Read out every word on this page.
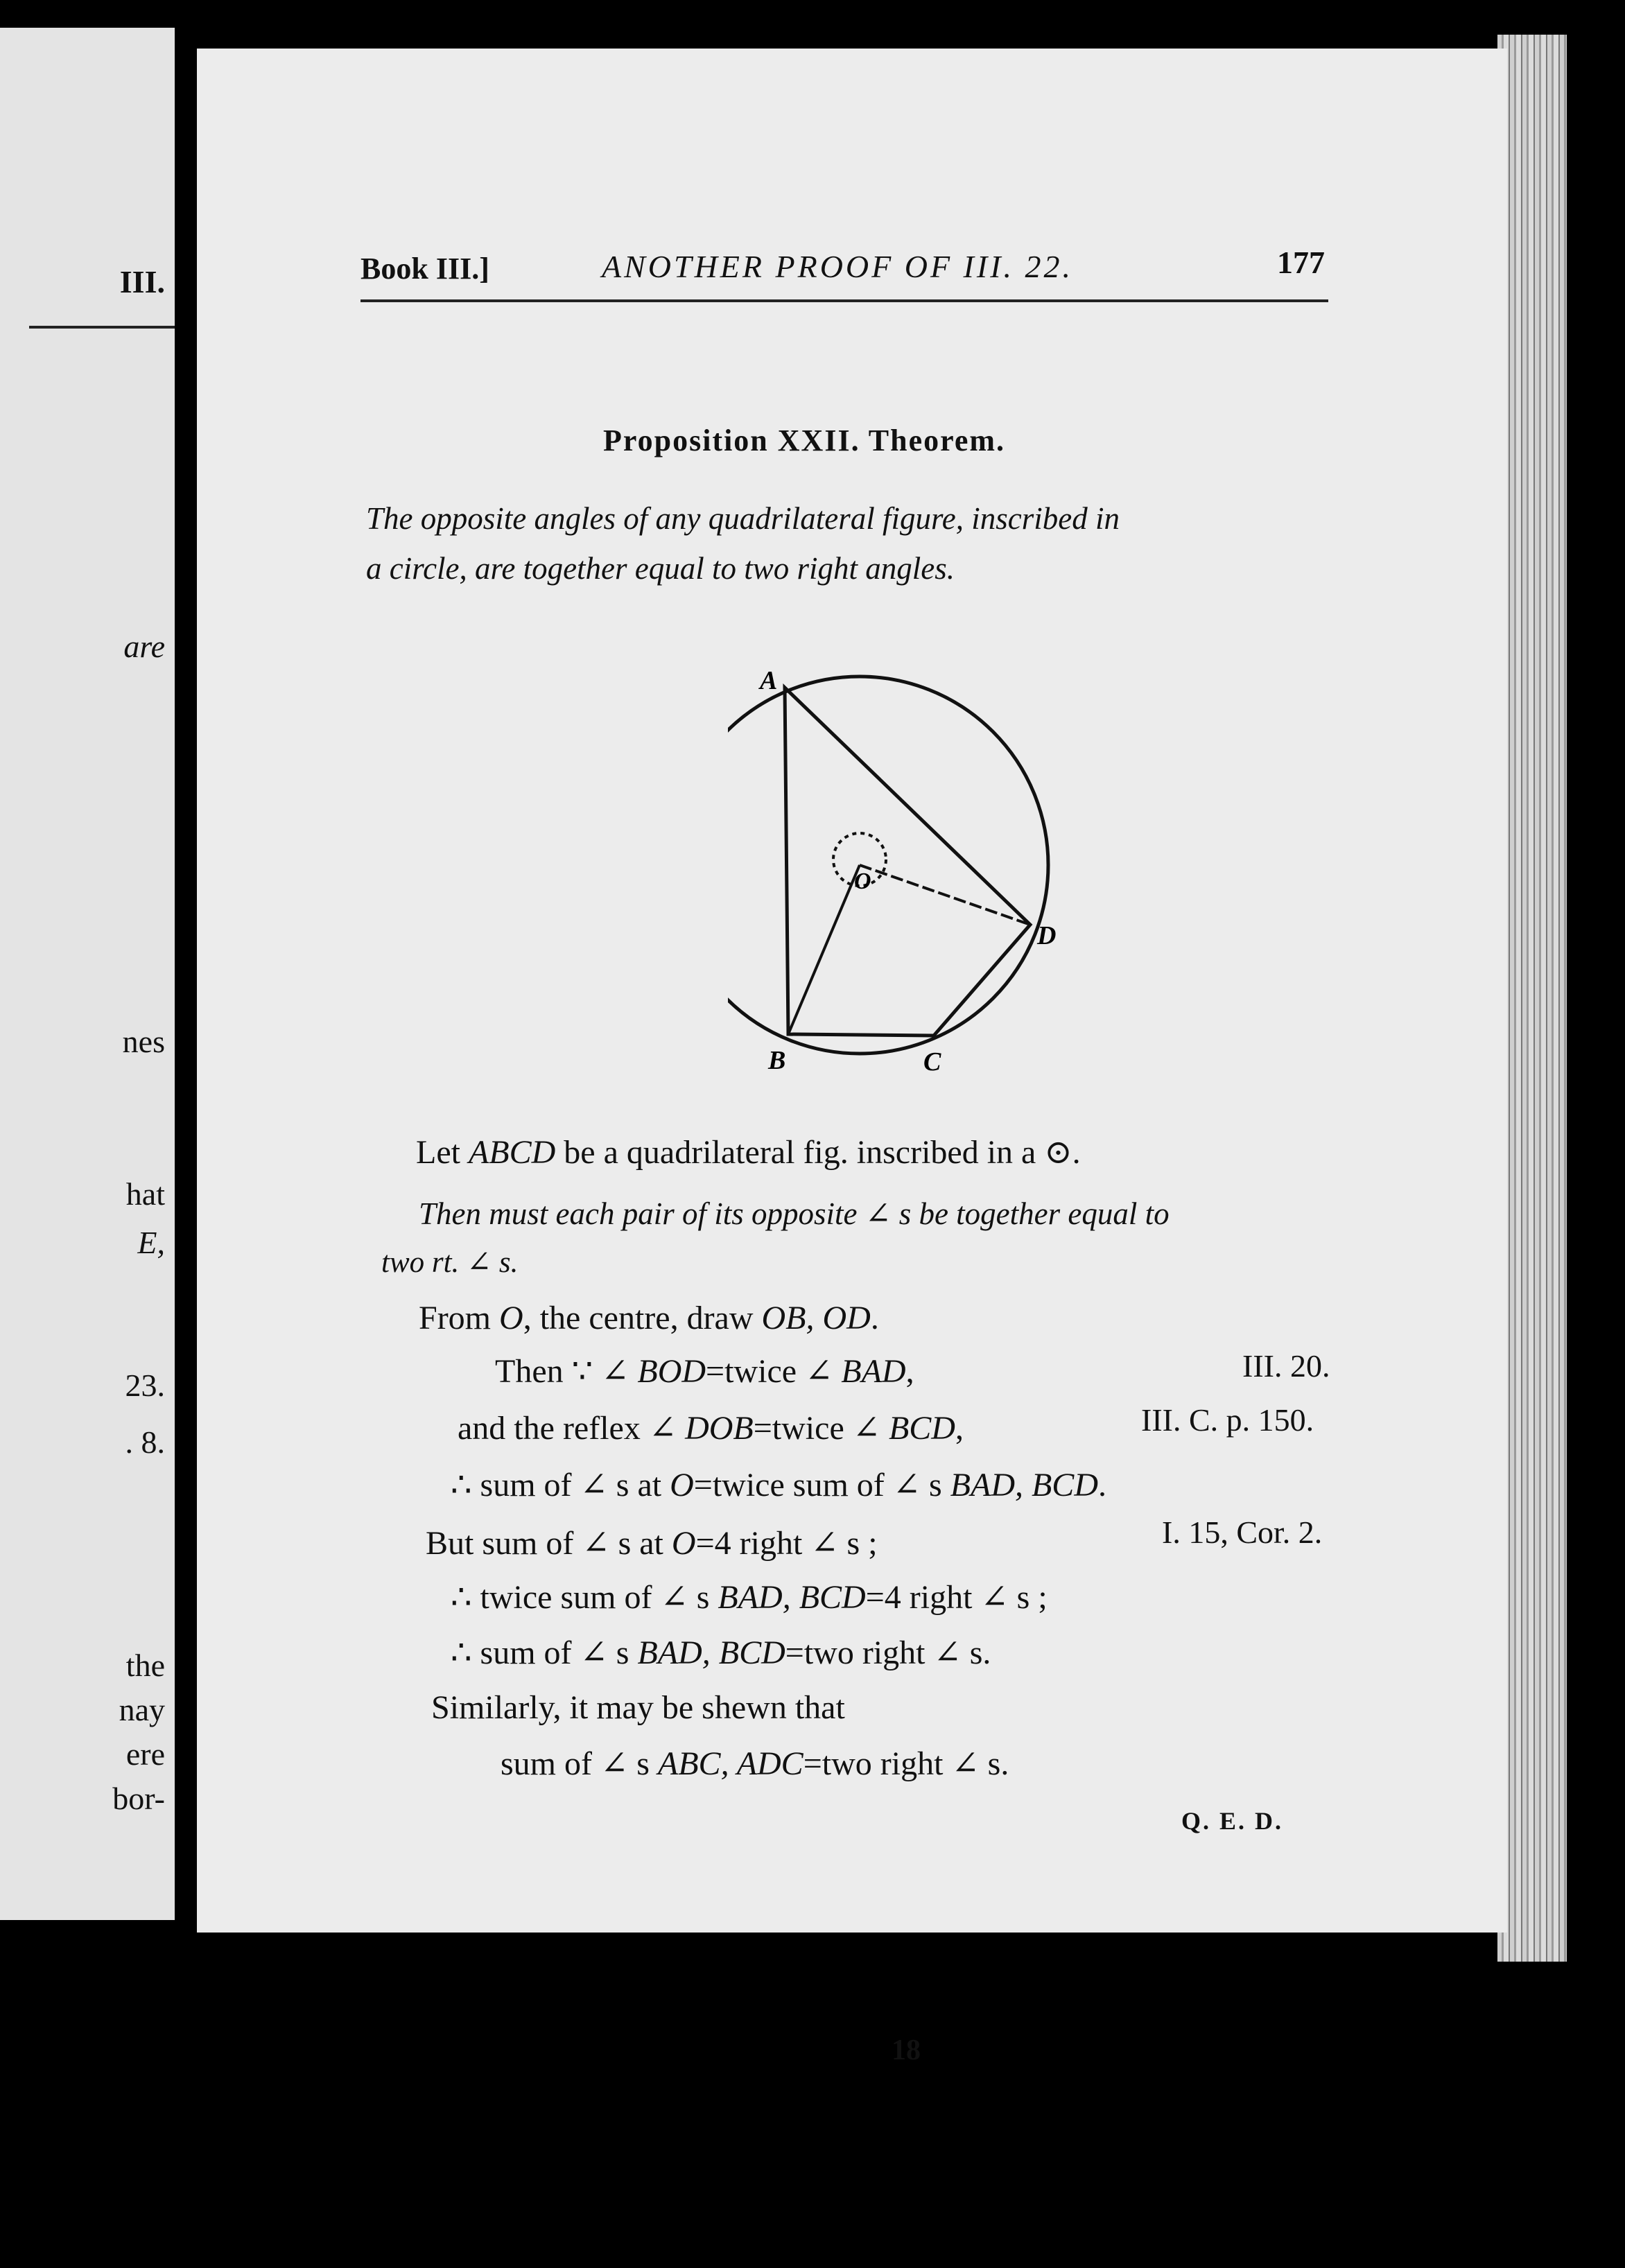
III.
are
nes
hat
E,
23.
. 8.
the
nay
ere
bor-
Book III.]	ANOTHER PROOF OF III. 22.	177
Proposition XXII. Theorem.
The opposite angles of any quadrilateral figure, inscribed in
a circle, are together equal to two right angles.
A
B	C
D
O
Let ABCD be a quadrilateral fig. inscribed in a ⊙.
Then must each pair of its opposite ∠ s be together equal to
two rt. ∠ s.
From O, the centre, draw OB, OD.
Then ∵ ∠ BOD=twice ∠ BAD,	III. 20.
and the reflex ∠ DOB=twice ∠ BCD,	III. C. p. 150.
∴ sum of ∠ s at O=twice sum of ∠ s BAD, BCD.
But sum of ∠ s at O=4 right ∠ s ;	I. 15, Cor. 2.
∴ twice sum of ∠ s BAD, BCD=4 right ∠ s ;
∴ sum of ∠ s BAD, BCD=two right ∠ s.
Similarly, it may be shewn that
sum of ∠ s ABC, ADC=two right ∠ s.
Q. E. D.
18
